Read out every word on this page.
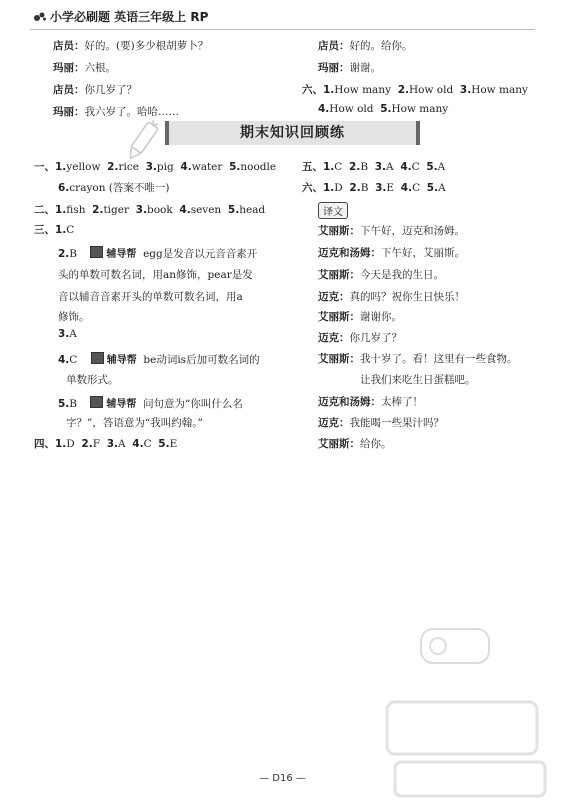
小学必刷题 英语三年级上 RP
店员：好的。(要)多少根胡萝卜？
玛丽：六根。
店员：你几岁了？
玛丽：我六岁了。哈哈……
店员：好的。给你。
玛丽：谢谢。
六、1.How many 2.How old 3.How many
4.How old 5.How many
期末知识回顾练
一、1.yellow 2.rice 3.pig 4.water 5.noodle
6.crayon (答案不唯一)
二、1.fish 2.tiger 3.book 4.seven 5.head
三、1.C
2.B	辅导帮 egg是发音以元音音素开
头的单数可数名词，用an修饰，pear是发
音以辅音音素开头的单数可数名词，用a
修饰。
3.A
4.C	辅导帮 be动词is后加可数名词的
单数形式。
5.B	辅导帮 问句意为“你叫什么名
字？”，答语意为“我叫约翰。”
四、1.D 2.F 3.A 4.C 5.E
五、1.C 2.B 3.A 4.C 5.A
六、1.D 2.B 3.E 4.C 5.A
译文
艾丽斯：下午好，迈克和汤姆。
迈克和汤姆：下午好，艾丽斯。
艾丽斯：今天是我的生日。
迈克：真的吗？祝你生日快乐！
艾丽斯：谢谢你。
迈克：你几岁了？
艾丽斯：我十岁了。看！这里有一些食物。
让我们来吃生日蛋糕吧。
迈克和汤姆：太棒了！
迈克：我能喝一些果汁吗？
艾丽斯：给你。
— D16 —
